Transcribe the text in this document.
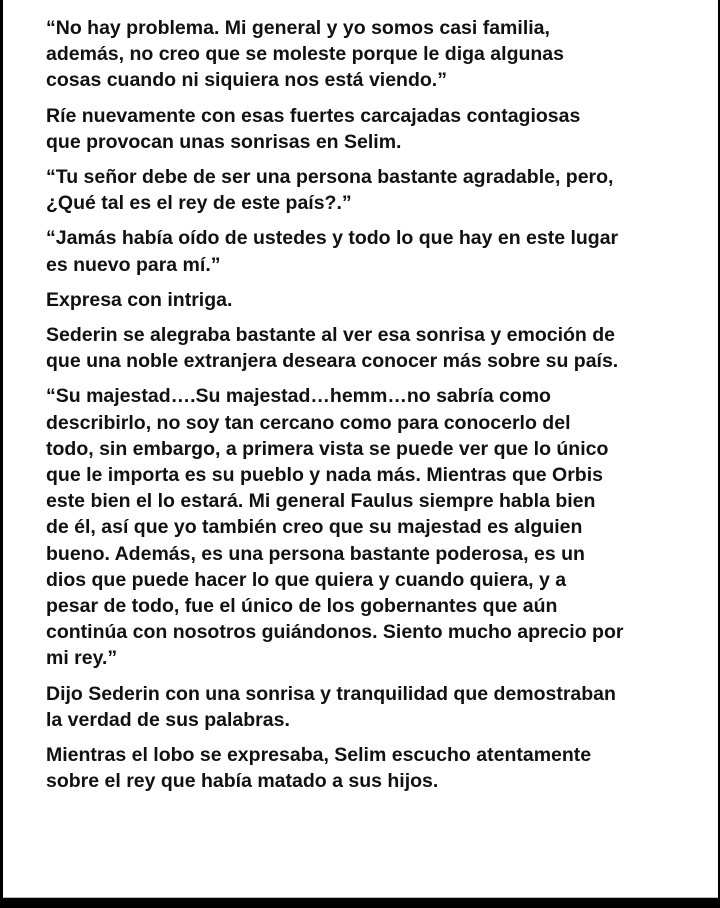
“No hay problema. Mi general y yo somos casi familia,
además, no creo que se moleste porque le diga algunas
cosas cuando ni siquiera nos está viendo.”

Ríe nuevamente con esas fuertes carcajadas contagiosas
que provocan unas sonrisas en Selim.

“Tu señor debe de ser una persona bastante agradable, pero,
¿Qué tal es el rey de este país?.”

“Jamás había oído de ustedes y todo lo que hay en este lugar
es nuevo para mí.”

Expresa con intriga.

Sederin se alegraba bastante al ver esa sonrisa y emoción de
que una noble extranjera deseara conocer más sobre su país.

“Su majestad….Su majestad…hemm…no sabría como
describirlo, no soy tan cercano como para conocerlo del
todo, sin embargo, a primera vista se puede ver que lo único
que le importa es su pueblo y nada más. Mientras que Orbis
este bien el lo estará. Mi general Faulus siempre habla bien
de él, así que yo también creo que su majestad es alguien
bueno. Además, es una persona bastante poderosa, es un
dios que puede hacer lo que quiera y cuando quiera, y a
pesar de todo, fue el único de los gobernantes que aún
continúa con nosotros guiándonos. Siento mucho aprecio por
mi rey.”

Dijo Sederin con una sonrisa y tranquilidad que demostraban
la verdad de sus palabras.

Mientras el lobo se expresaba, Selim escucho atentamente
sobre el rey que había matado a sus hijos.
